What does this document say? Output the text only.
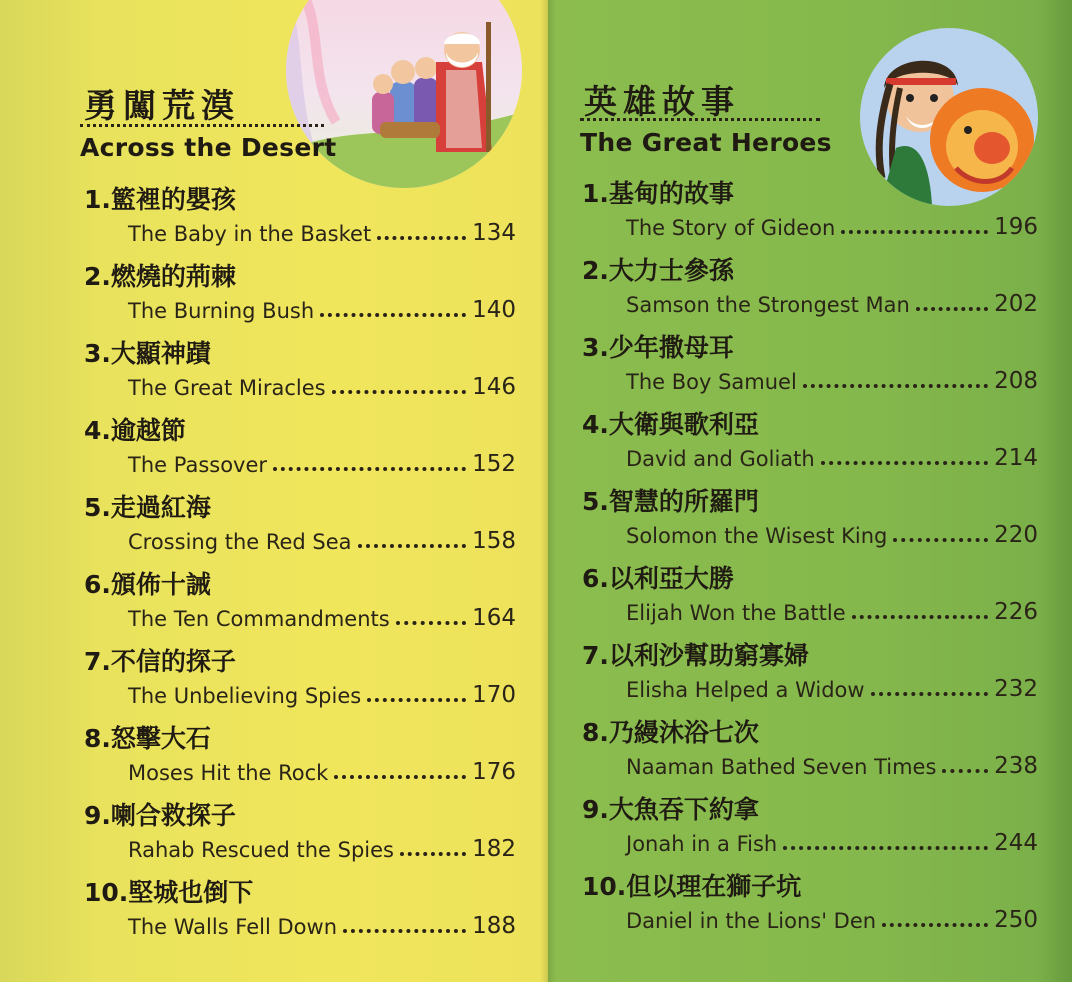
勇闖荒漠
Across the Desert
1.籃裡的嬰孩
The Baby in the Basket	134
2.燃燒的荊棘
The Burning Bush	140
3.大顯神蹟
The Great Miracles	146
4.逾越節
The Passover	152
5.走過紅海
Crossing the Red Sea	158
6.頒佈十誡
The Ten Commandments	164
7.不信的探子
The Unbelieving Spies	170
8.怒擊大石
Moses Hit the Rock	176
9.喇合救探子
Rahab Rescued the Spies	182
10.堅城也倒下
The Walls Fell Down	188
英雄故事
The Great Heroes
1.基甸的故事
The Story of Gideon	196
2.大力士參孫
Samson the Strongest Man	202
3.少年撒母耳
The Boy Samuel	208
4.大衛與歌利亞
David and Goliath	214
5.智慧的所羅門
Solomon the Wisest King	220
6.以利亞大勝
Elijah Won the Battle	226
7.以利沙幫助窮寡婦
Elisha Helped a Widow	232
8.乃縵沐浴七次
Naaman Bathed Seven Times	238
9.大魚吞下約拿
Jonah in a Fish	244
10.但以理在獅子坑
Daniel in the Lions' Den	250
